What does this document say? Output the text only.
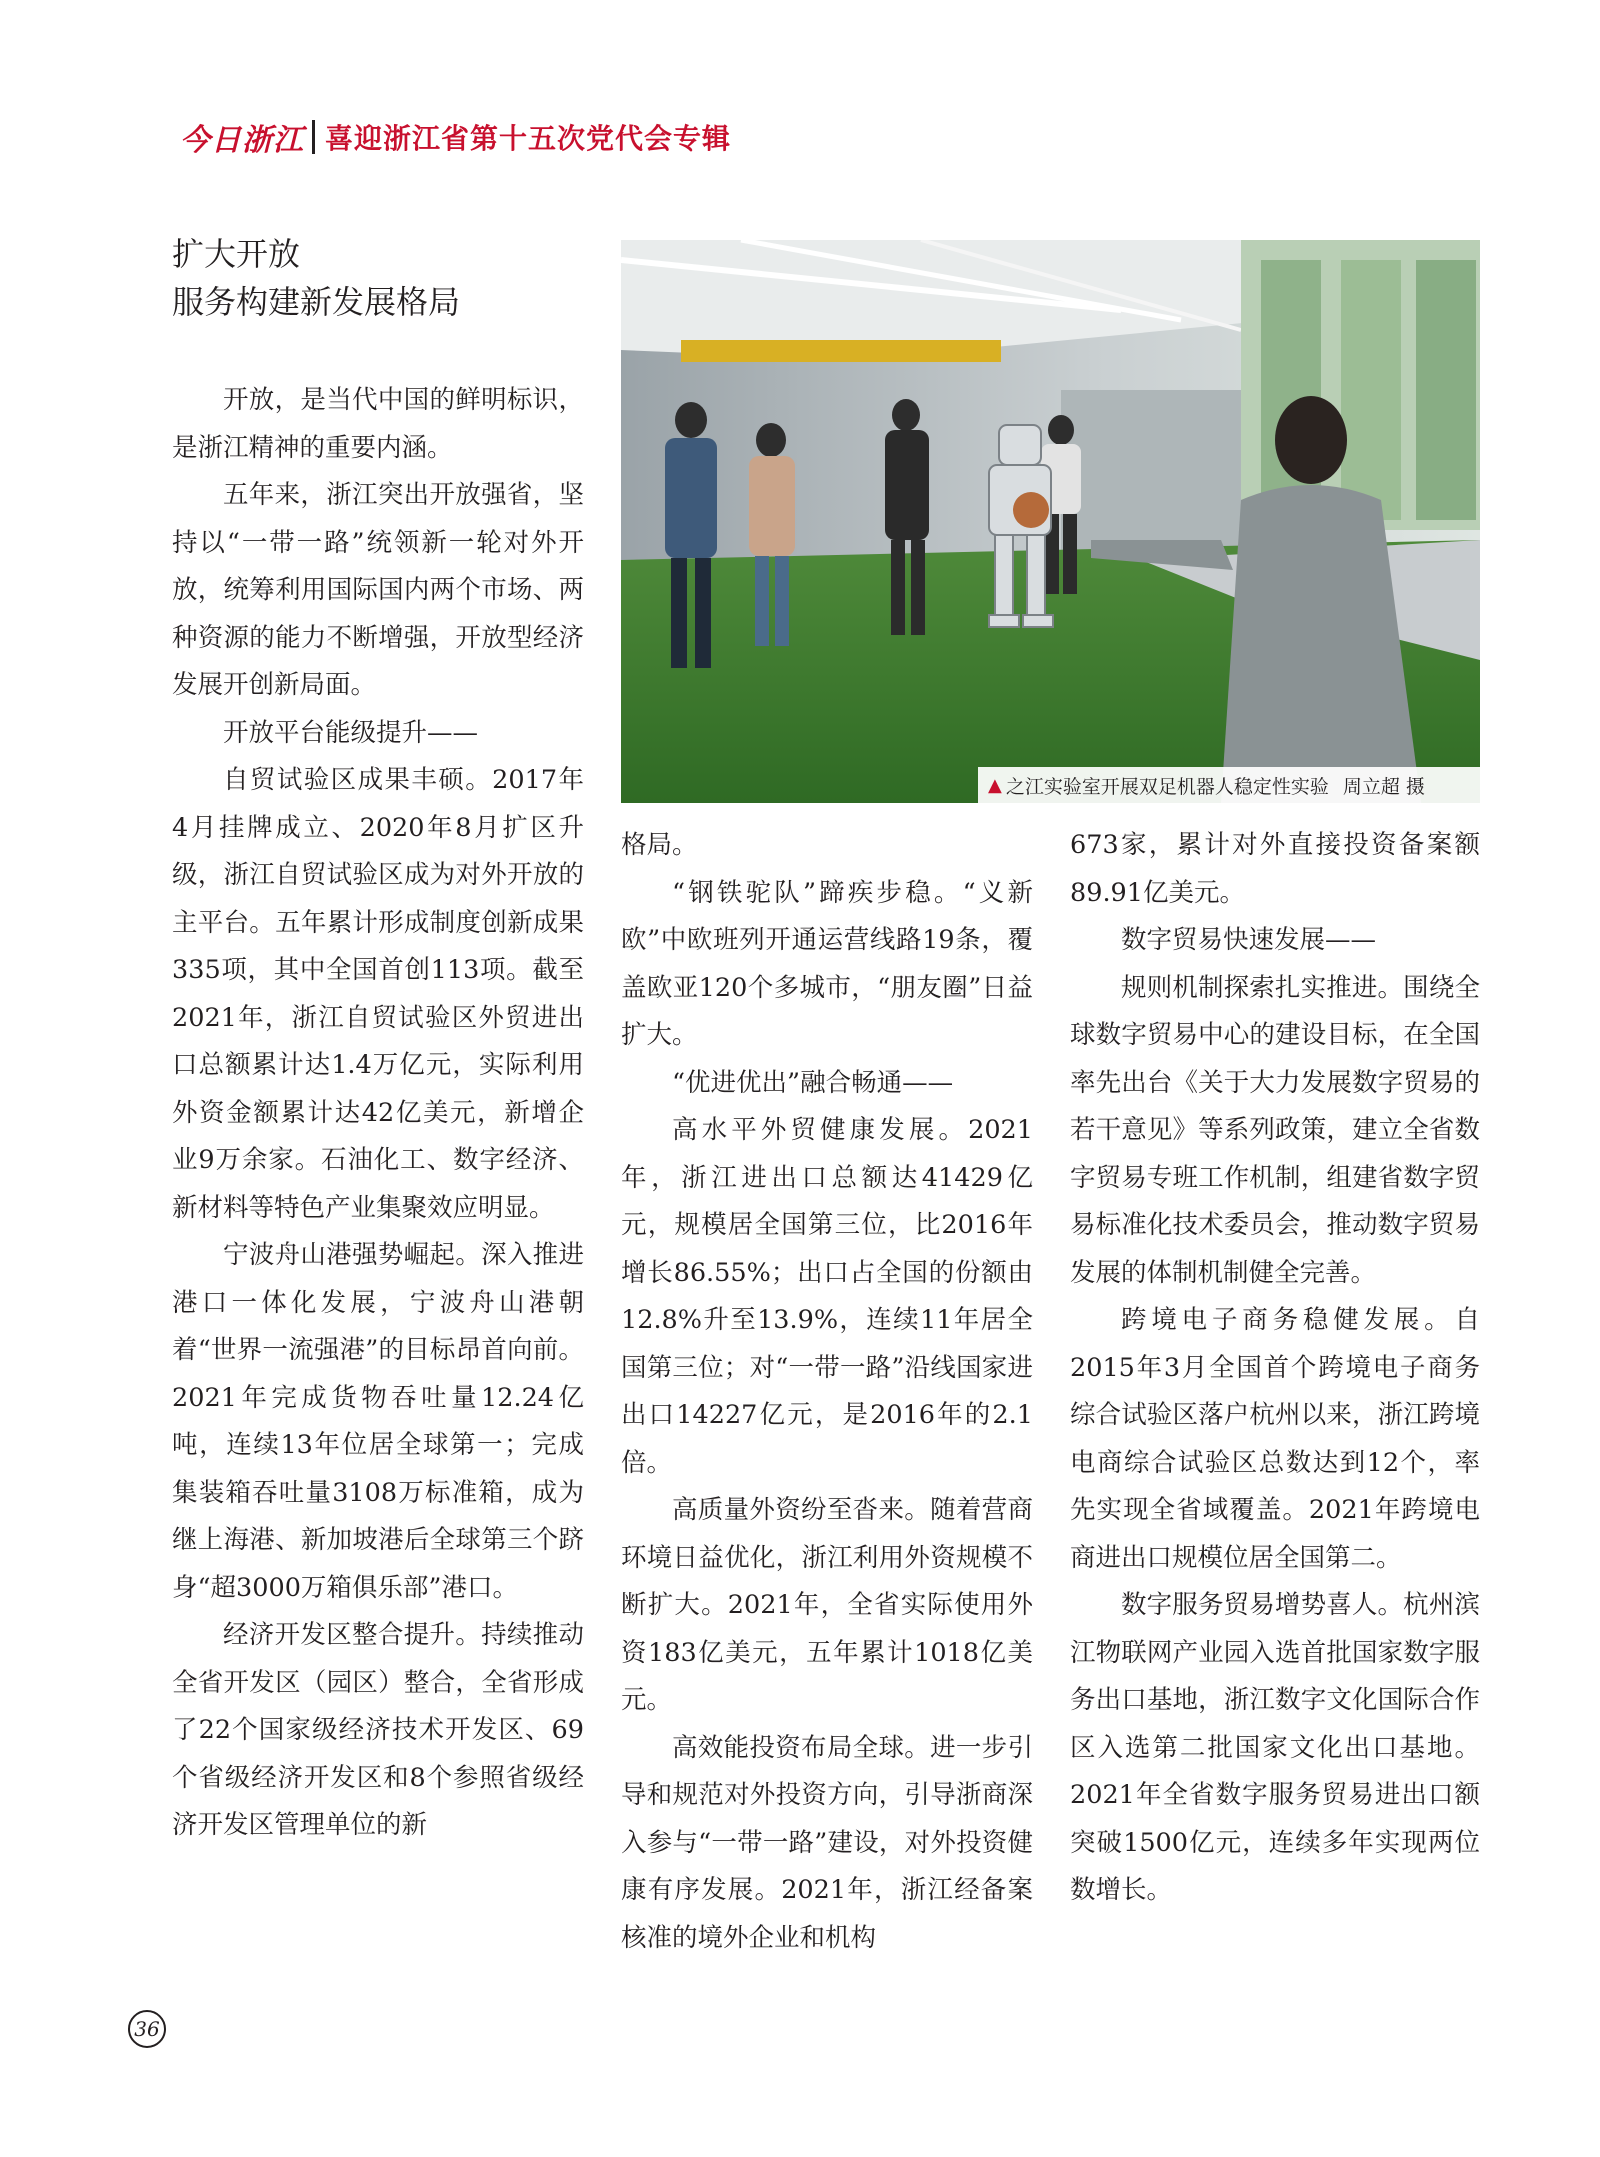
今日浙江 喜迎浙江省第十五次党代会专辑
扩大开放
服务构建新发展格局
▲ 之江实验室开展双足机器人稳定性实验 周立超 摄

开放，是当代中国的鲜明标识，是浙江精神的重要内涵。

五年来，浙江突出开放强省，坚持以“一带一路”统领新一轮对外开放，统筹利用国际国内两个市场、两种资源的能力不断增强，开放型经济发展开创新局面。

开放平台能级提升——

自贸试验区成果丰硕。2017年4月挂牌成立、2020年8月扩区升级，浙江自贸试验区成为对外开放的主平台。五年累计形成制度创新成果335项，其中全国首创113项。截至2021年，浙江自贸试验区外贸进出口总额累计达1.4万亿元，实际利用外资金额累计达42亿美元，新增企业9万余家。石油化工、数字经济、新材料等特色产业集聚效应明显。

宁波舟山港强势崛起。深入推进港口一体化发展，宁波舟山港朝着“世界一流强港”的目标昂首向前。2021年完成货物吞吐量12.24亿吨，连续13年位居全球第一；完成集装箱吞吐量3108万标准箱，成为继上海港、新加坡港后全球第三个跻身“超3000万箱俱乐部”港口。

经济开发区整合提升。持续推动全省开发区（园区）整合，全省形成了22个国家级经济技术开发区、69个省级经济开发区和8个参照省级经济开发区管理单位的新

格局。

“钢铁驼队”蹄疾步稳。“义新欧”中欧班列开通运营线路19条，覆盖欧亚120个多城市，“朋友圈”日益扩大。

“优进优出”融合畅通——

高水平外贸健康发展。2021年，浙江进出口总额达41429亿元，规模居全国第三位，比2016年增长86.55%；出口占全国的份额由12.8%升至13.9%，连续11年居全国第三位；对“一带一路”沿线国家进出口14227亿元，是2016年的2.1倍。

高质量外资纷至沓来。随着营商环境日益优化，浙江利用外资规模不断扩大。2021年，全省实际使用外资183亿美元，五年累计1018亿美元。

高效能投资布局全球。进一步引导和规范对外投资方向，引导浙商深入参与“一带一路”建设，对外投资健康有序发展。2021年，浙江经备案核准的境外企业和机构

673家，累计对外直接投资备案额89.91亿美元。

数字贸易快速发展——

规则机制探索扎实推进。围绕全球数字贸易中心的建设目标，在全国率先出台《关于大力发展数字贸易的若干意见》等系列政策，建立全省数字贸易专班工作机制，组建省数字贸易标准化技术委员会，推动数字贸易发展的体制机制健全完善。

跨境电子商务稳健发展。自2015年3月全国首个跨境电子商务综合试验区落户杭州以来，浙江跨境电商综合试验区总数达到12个，率先实现全省域覆盖。2021年跨境电商进出口规模位居全国第二。

数字服务贸易增势喜人。杭州滨江物联网产业园入选首批国家数字服务出口基地，浙江数字文化国际合作区入选第二批国家文化出口基地。2021年全省数字服务贸易进出口额突破1500亿元，连续多年实现两位数增长。

36
